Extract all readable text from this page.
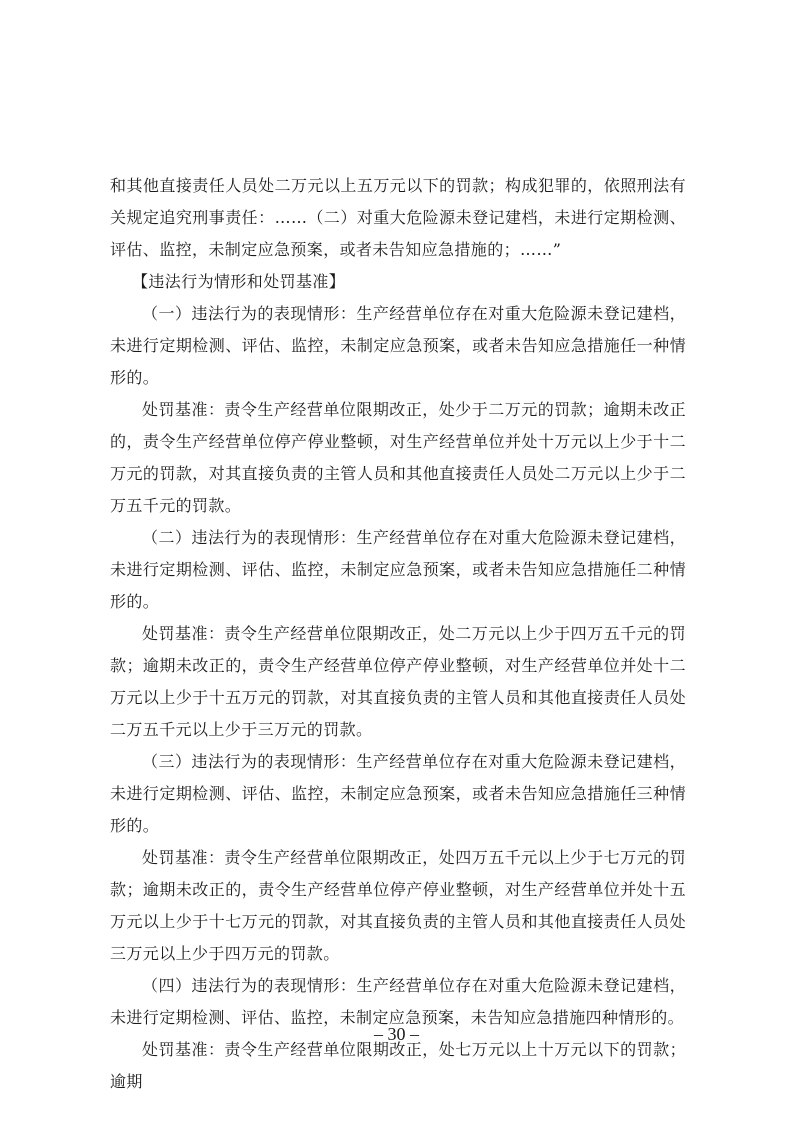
和其他直接责任人员处二万元以上五万元以下的罚款；构成犯罪的，依照刑法有关规定追究刑事责任：……（二）对重大危险源未登记建档，未进行定期检测、评估、监控，未制定应急预案，或者未告知应急措施的；……”

【违法行为情形和处罚基准】

（一）违法行为的表现情形：生产经营单位存在对重大危险源未登记建档，未进行定期检测、评估、监控，未制定应急预案，或者未告知应急措施任一种情形的。

处罚基准：责令生产经营单位限期改正，处少于二万元的罚款；逾期未改正的，责令生产经营单位停产停业整顿，对生产经营单位并处十万元以上少于十二万元的罚款，对其直接负责的主管人员和其他直接责任人员处二万元以上少于二万五千元的罚款。

（二）违法行为的表现情形：生产经营单位存在对重大危险源未登记建档，未进行定期检测、评估、监控，未制定应急预案，或者未告知应急措施任二种情形的。

处罚基准：责令生产经营单位限期改正，处二万元以上少于四万五千元的罚款；逾期未改正的，责令生产经营单位停产停业整顿，对生产经营单位并处十二万元以上少于十五万元的罚款，对其直接负责的主管人员和其他直接责任人员处二万五千元以上少于三万元的罚款。

（三）违法行为的表现情形：生产经营单位存在对重大危险源未登记建档，未进行定期检测、评估、监控，未制定应急预案，或者未告知应急措施任三种情形的。

处罚基准：责令生产经营单位限期改正，处四万五千元以上少于七万元的罚款；逾期未改正的，责令生产经营单位停产停业整顿，对生产经营单位并处十五万元以上少于十七万元的罚款，对其直接负责的主管人员和其他直接责任人员处三万元以上少于四万元的罚款。

（四）违法行为的表现情形：生产经营单位存在对重大危险源未登记建档，未进行定期检测、评估、监控，未制定应急预案，未告知应急措施四种情形的。

处罚基准：责令生产经营单位限期改正，处七万元以上十万元以下的罚款；逾期

– 30 –
